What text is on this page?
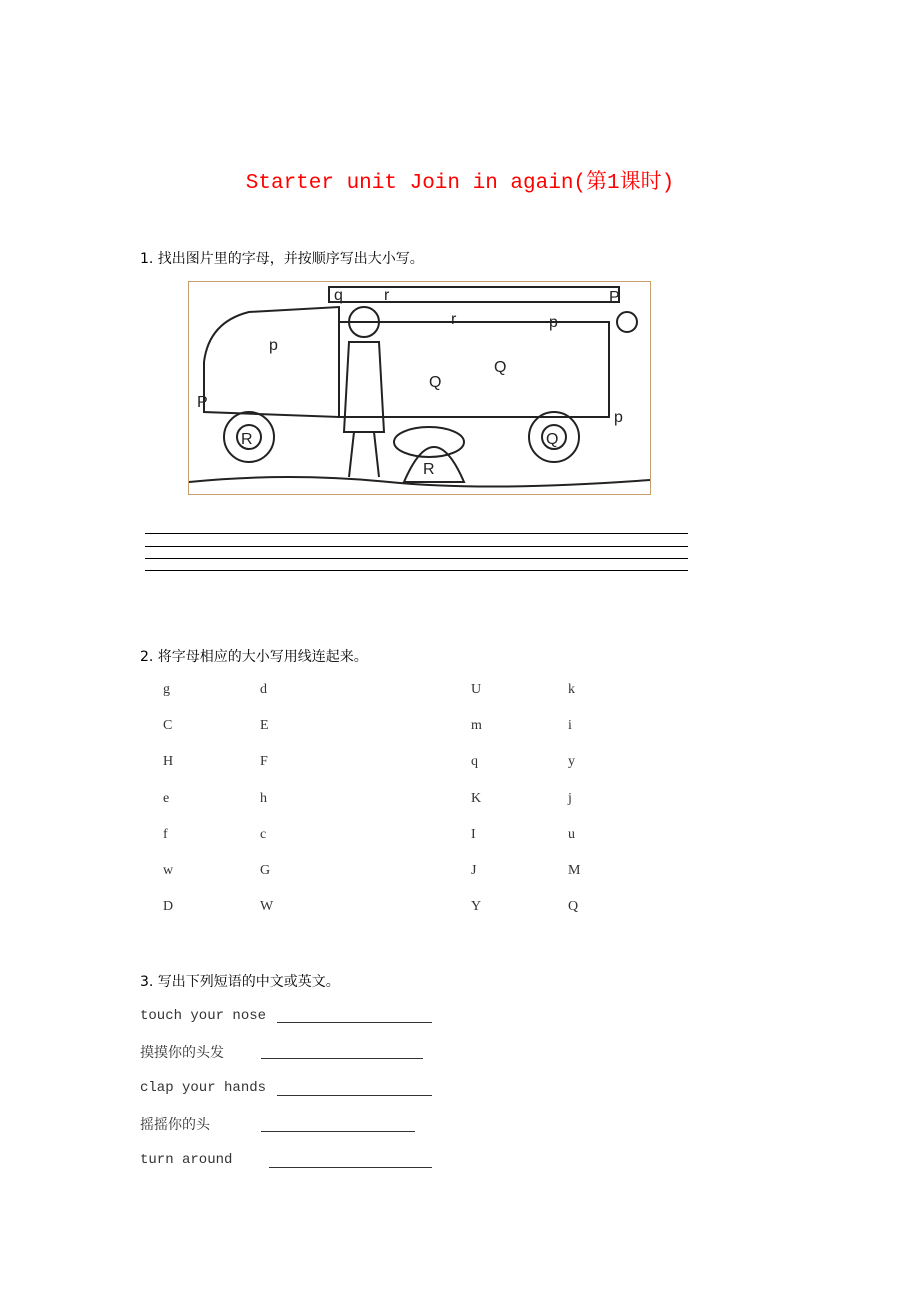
Starter unit Join in again(第1课时)
1. 找出图片里的字母，并按顺序写出大小写。
q	r	P
r
p
p
P
R
R
Q
Q
Q
p
2. 将字母相应的大小写用线连起来。
g
C
H
e
f
w
D
d
E
F
h
c
G
W
U
m
q
K
I
J
Y
k
i
y
j
u
M
Q
3. 写出下列短语的中文或英文。
touch your nose
摸摸你的头发
clap your hands
摇摇你的头
turn around
